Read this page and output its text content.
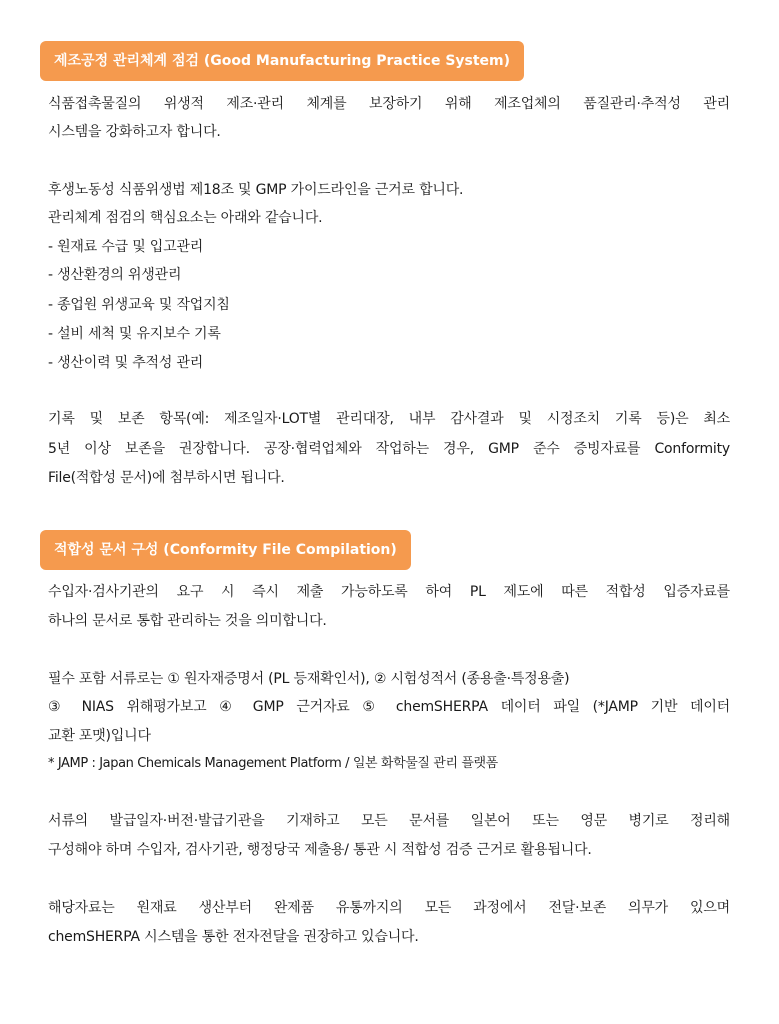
제조공정 관리체계 점검 (Good Manufacturing Practice System)
식품접촉물질의 위생적 제조·관리 체계를 보장하기 위해 제조업체의 품질관리·추적성 관리
시스템을 강화하고자 합니다.
후생노동성 식품위생법 제18조 및 GMP 가이드라인을 근거로 합니다.
관리체계 점검의 핵심요소는 아래와 같습니다.
- 원재료 수급 및 입고관리
- 생산환경의 위생관리
- 종업원 위생교육 및 작업지침
- 설비 세척 및 유지보수 기록
- 생산이력 및 추적성 관리
기록 및 보존 항목(예: 제조일자·LOT별 관리대장, 내부 감사결과 및 시정조치 기록 등)은 최소
5년 이상 보존을 권장합니다. 공장·협력업체와 작업하는 경우, GMP 준수 증빙자료를 Conformity
File(적합성 문서)에 첨부하시면 됩니다.
적합성 문서 구성 (Conformity File Compilation)
수입자·검사기관의 요구 시 즉시 제출 가능하도록 하여 PL 제도에 따른 적합성 입증자료를
하나의 문서로 통합 관리하는 것을 의미합니다.
필수 포함 서류로는 ① 원자재증명서 (PL 등재확인서), ② 시험성적서 (종용출·특정용출)
③ NIAS 위해평가보고 ④ GMP 근거자료 ⑤ chemSHERPA 데이터 파일 (*JAMP 기반 데이터
교환 포맷)입니다
* JAMP : Japan Chemicals Management Platform / 일본 화학물질 관리 플랫폼
서류의 발급일자·버전·발급기관을 기재하고 모든 문서를 일본어 또는 영문 병기로 정리해
구성해야 하며 수입자, 검사기관, 행정당국 제출용/ 통관 시 적합성 검증 근거로 활용됩니다.
해당자료는 원재료 생산부터 완제품 유통까지의 모든 과정에서 전달·보존 의무가 있으며
chemSHERPA 시스템을 통한 전자전달을 권장하고 있습니다.
